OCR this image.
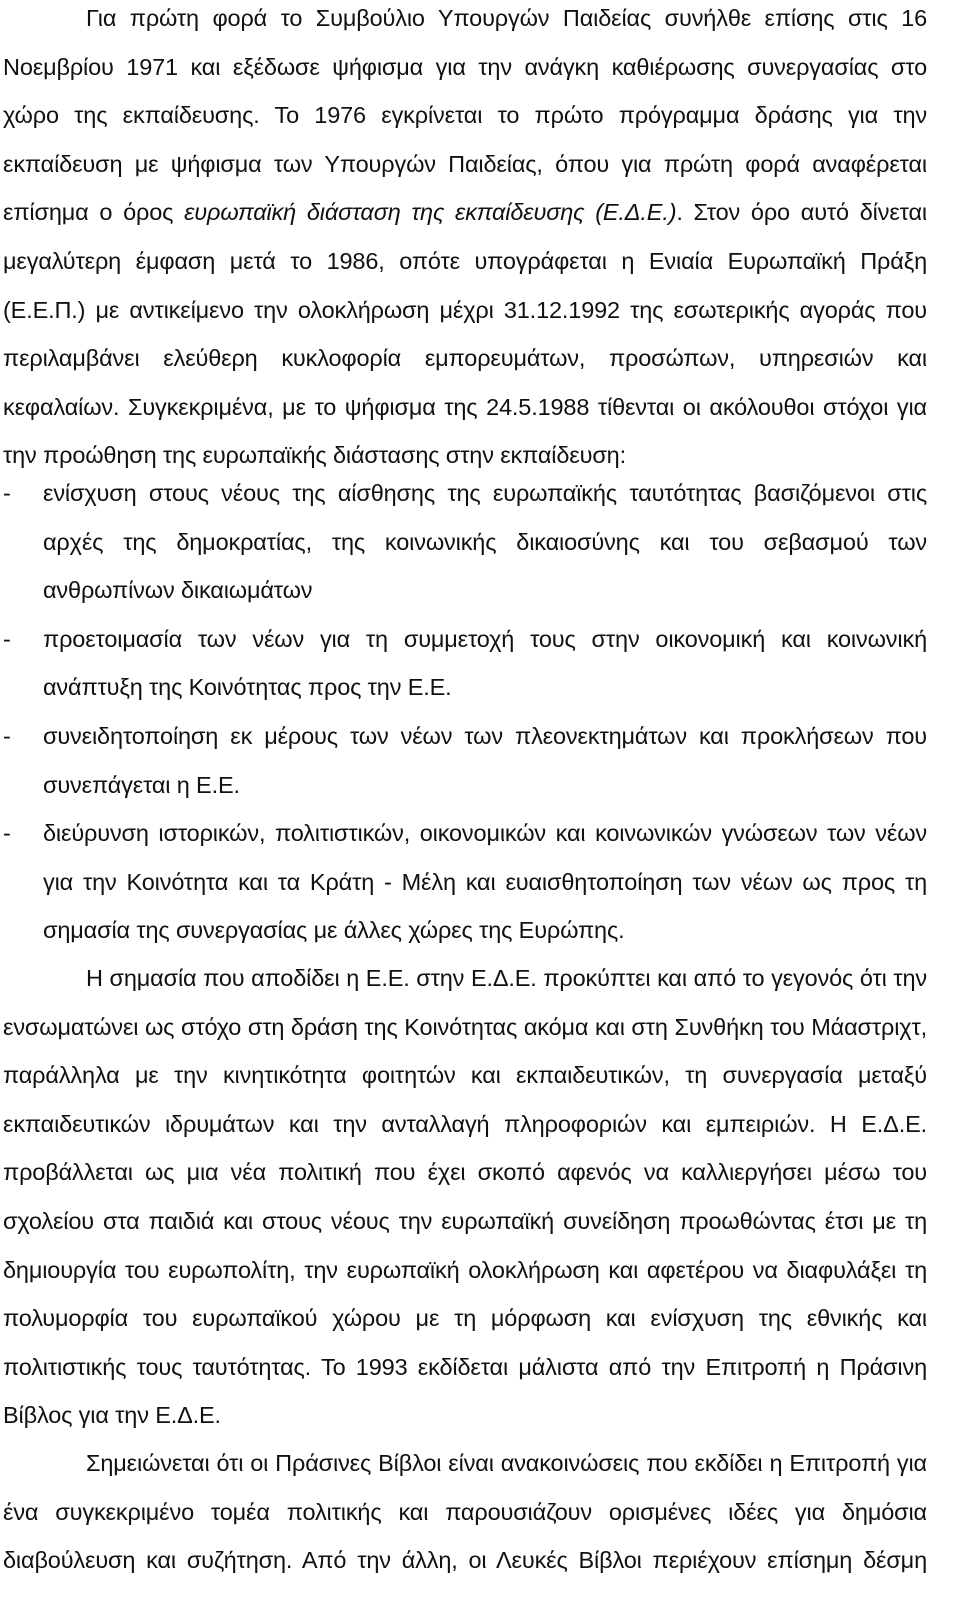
Για πρώτη φορά το Συμβούλιο Υπουργών Παιδείας συνήλθε επίσης στις 16 Νοεμβρίου 1971 και εξέδωσε ψήφισμα για την ανάγκη καθιέρωσης συνεργασίας στο χώρο της εκπαίδευσης. Το 1976 εγκρίνεται το πρώτο πρόγραμμα δράσης για την εκπαίδευση με ψήφισμα των Υπουργών Παιδείας, όπου για πρώτη φορά αναφέρεται επίσημα ο όρος ευρωπαϊκή διάσταση της εκπαίδευσης (Ε.Δ.Ε.). Στον όρο αυτό δίνεται μεγαλύτερη έμφαση μετά το 1986, οπότε υπογράφεται η Ενιαία Ευρωπαϊκή Πράξη (Ε.Ε.Π.) με αντικείμενο την ολοκλήρωση μέχρι 31.12.1992 της εσωτερικής αγοράς που περιλαμβάνει ελεύθερη κυκλοφορία εμπορευμάτων, προσώπων, υπηρεσιών και κεφαλαίων. Συγκεκριμένα, με το ψήφισμα της 24.5.1988 τίθενται οι ακόλουθοι στόχοι για την προώθηση της ευρωπαϊκής διάστασης στην εκπαίδευση:

- ενίσχυση στους νέους της αίσθησης της ευρωπαϊκής ταυτότητας βασιζόμενοι στις αρχές της δημοκρατίας, της κοινωνικής δικαιοσύνης και του σεβασμού των ανθρωπίνων δικαιωμάτων
- προετοιμασία των νέων για τη συμμετοχή τους στην οικονομική και κοινωνική ανάπτυξη της Κοινότητας προς την Ε.Ε.
- συνειδητοποίηση εκ μέρους των νέων των πλεονεκτημάτων και προκλήσεων που συνεπάγεται η Ε.Ε.
- διεύρυνση ιστορικών, πολιτιστικών, οικονομικών και κοινωνικών γνώσεων των νέων για την Κοινότητα και τα Κράτη - Μέλη και ευαισθητοποίηση των νέων ως προς τη σημασία της συνεργασίας με άλλες χώρες της Ευρώπης.

Η σημασία που αποδίδει η Ε.Ε. στην Ε.Δ.Ε. προκύπτει και από το γεγονός ότι την ενσωματώνει ως στόχο στη δράση της Κοινότητας ακόμα και στη Συνθήκη του Μάαστριχτ, παράλληλα με την κινητικότητα φοιτητών και εκπαιδευτικών, τη συνεργασία μεταξύ εκπαιδευτικών ιδρυμάτων και την ανταλλαγή πληροφοριών και εμπειριών. Η Ε.Δ.Ε. προβάλλεται ως μια νέα πολιτική που έχει σκοπό αφενός να καλλιεργήσει μέσω του σχολείου στα παιδιά και στους νέους την ευρωπαϊκή συνείδηση προωθώντας έτσι με τη δημιουργία του ευρωπολίτη, την ευρωπαϊκή ολοκλήρωση και αφετέρου να διαφυλάξει τη πολυμορφία του ευρωπαϊκού χώρου με τη μόρφωση και ενίσχυση της εθνικής και πολιτιστικής τους ταυτότητας. Το 1993 εκδίδεται μάλιστα από την Επιτροπή η Πράσινη Βίβλος για την Ε.Δ.Ε.

Σημειώνεται ότι οι Πράσινες Βίβλοι είναι ανακοινώσεις που εκδίδει η Επιτροπή για ένα συγκεκριμένο τομέα πολιτικής και παρουσιάζουν ορισμένες ιδέες για δημόσια διαβούλευση και συζήτηση. Από την άλλη, οι Λευκές Βίβλοι περιέχουν επίσημη δέσμη
